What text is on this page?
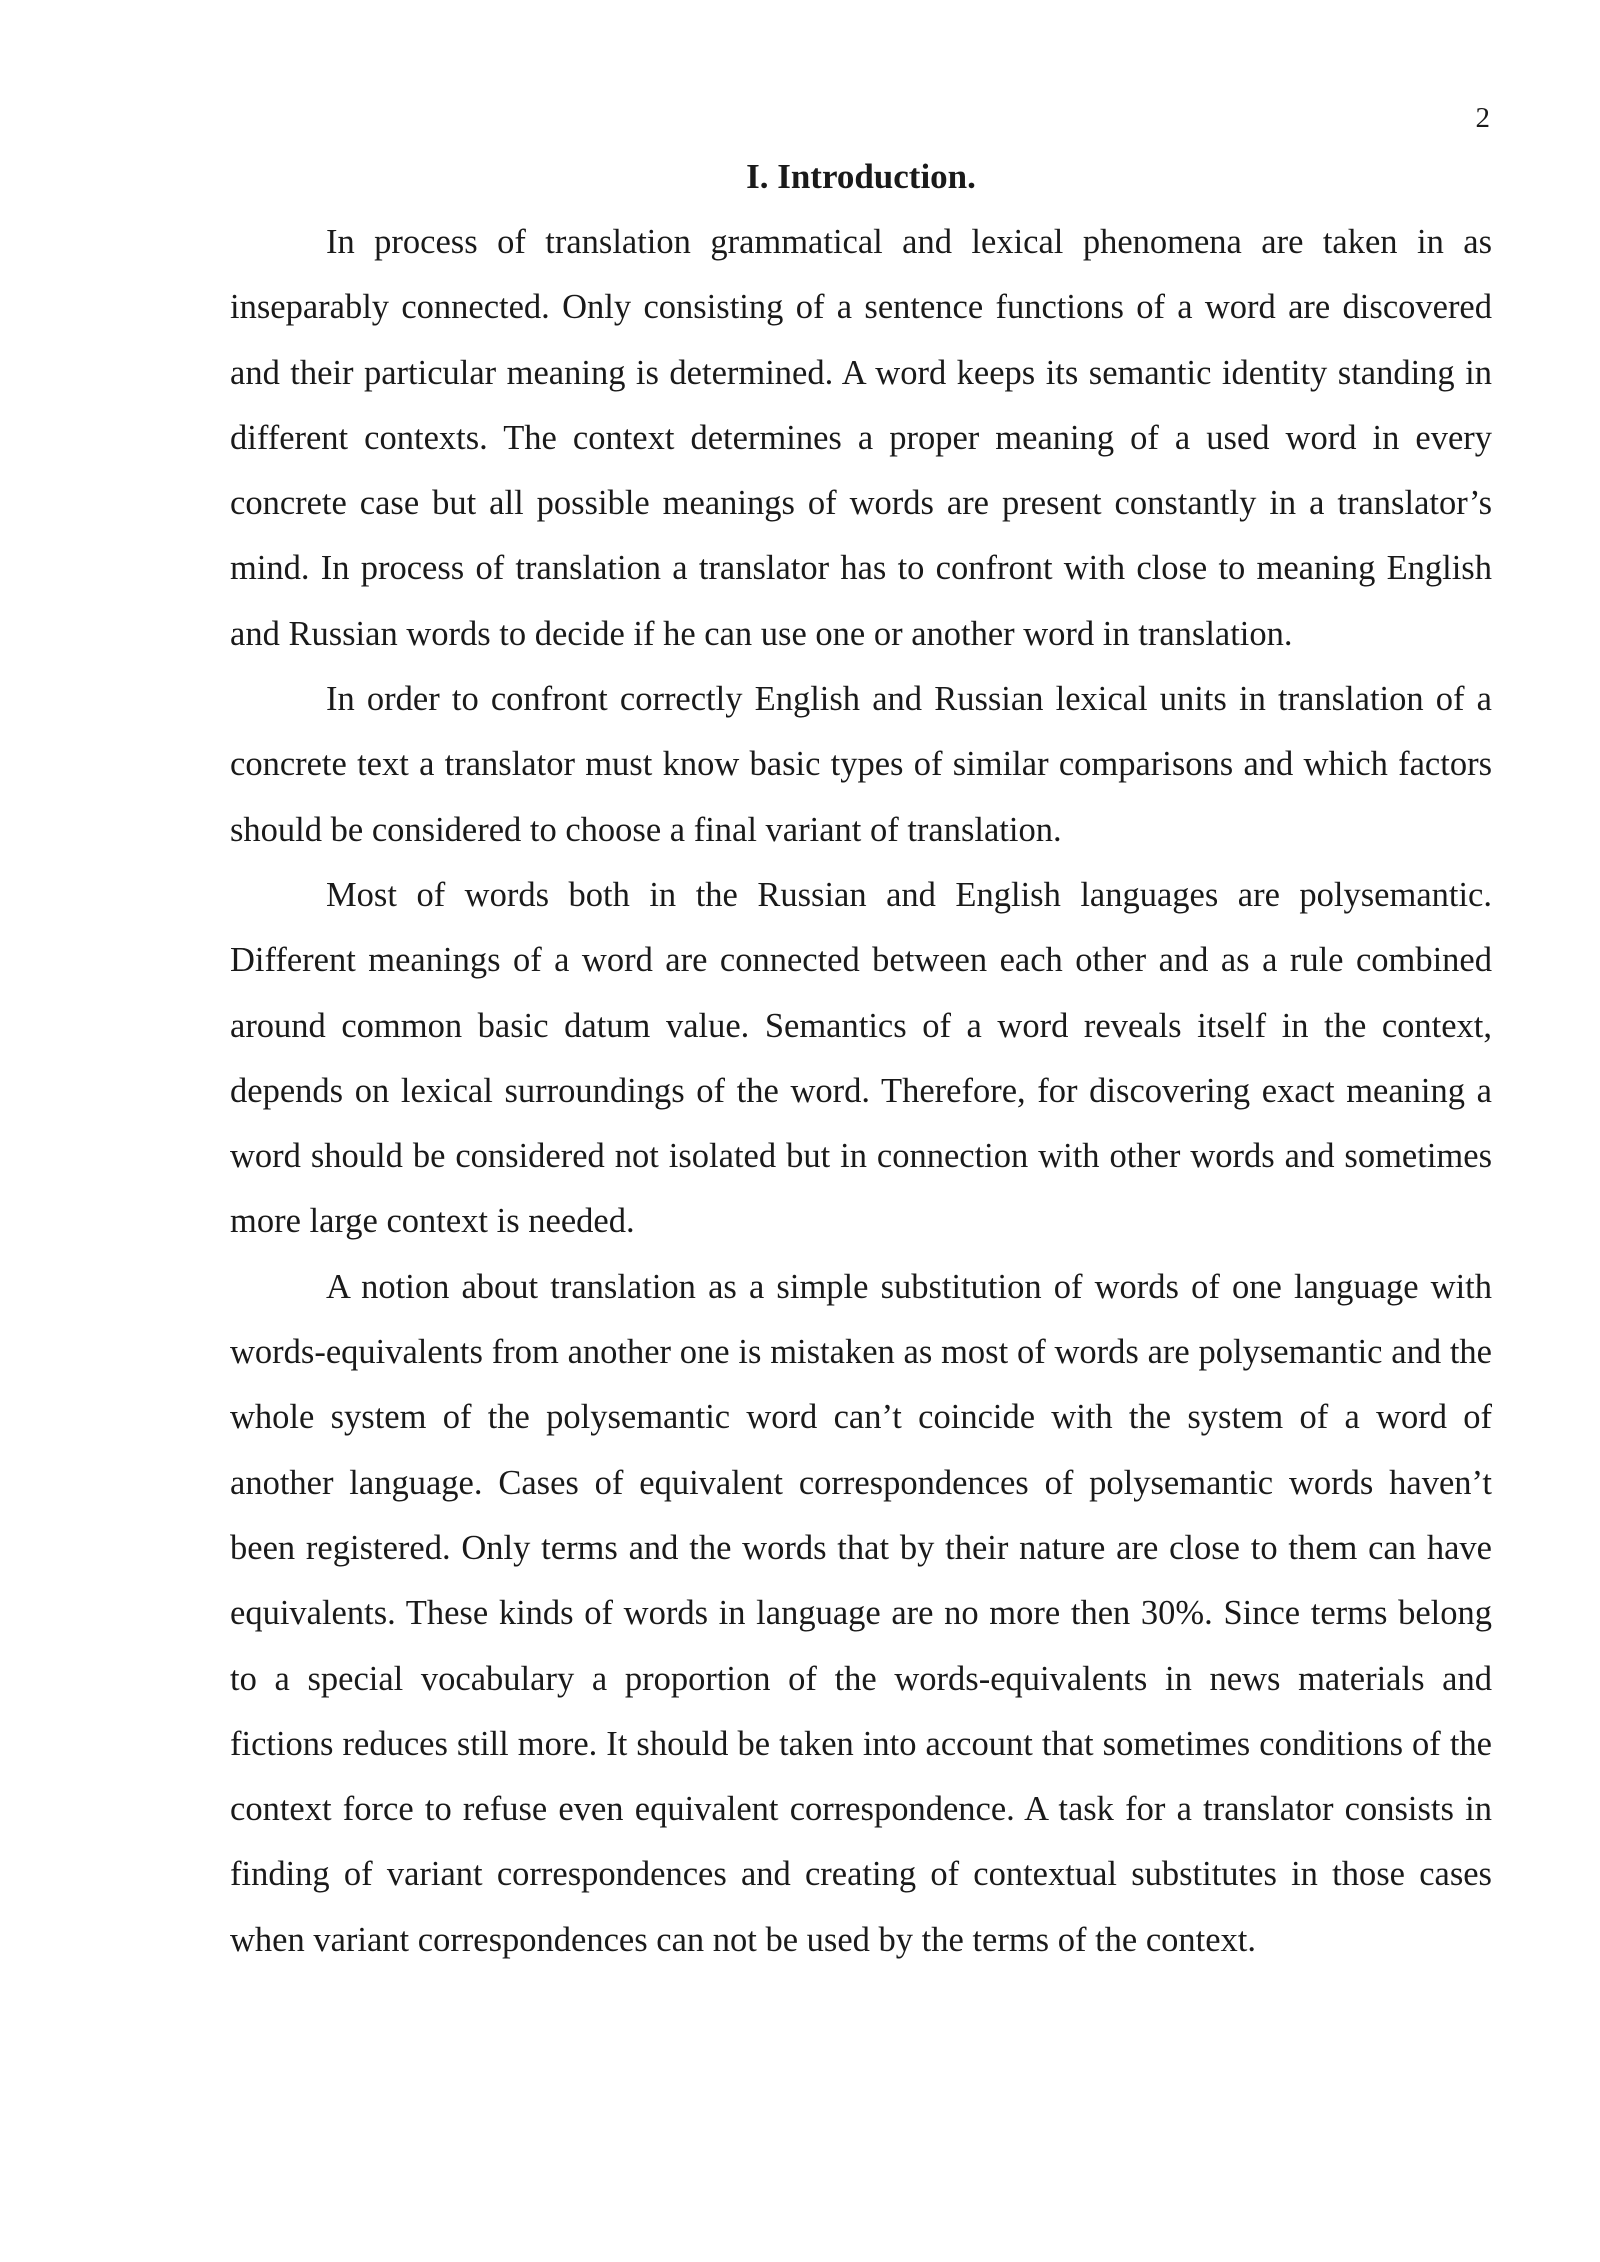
2
I. Introduction.

In process of translation grammatical and lexical phenomena are taken in as inseparably connected. Only consisting of a sentence functions of a word are discovered and their particular meaning is determined. A word keeps its semantic identity standing in different contexts. The context determines a proper meaning of a used word in every concrete case but all possible meanings of words are present constantly in a translator’s mind. In process of translation a translator has to confront with close to meaning English and Russian words to decide if he can use one or another word in translation.

In order to confront correctly English and Russian lexical units in translation of a concrete text a translator must know basic types of similar comparisons and which factors should be considered to choose a final variant of translation.

Most of words both in the Russian and English languages are polysemantic. Different meanings of a word are connected between each other and as a rule combined around common basic datum value. Semantics of a word reveals itself in the context, depends on lexical surroundings of the word. Therefore, for discovering exact meaning a word should be considered not isolated but in connection with other words and sometimes more large context is needed.

A notion about translation as a simple substitution of words of one language with words-equivalents from another one is mistaken as most of words are polysemantic and the whole system of the polysemantic word can’t coincide with the system of a word of another language. Cases of equivalent correspondences of polysemantic words haven’t been registered. Only terms and the words that by their nature are close to them can have equivalents. These kinds of words in language are no more then 30%. Since terms belong to a special vocabulary a proportion of the words-equivalents in news materials and fictions reduces still more. It should be taken into account that sometimes conditions of the context force to refuse even equivalent correspondence. A task for a translator consists in finding of variant correspondences and creating of contextual substitutes in those cases when variant correspondences can not be used by the terms of the context.
